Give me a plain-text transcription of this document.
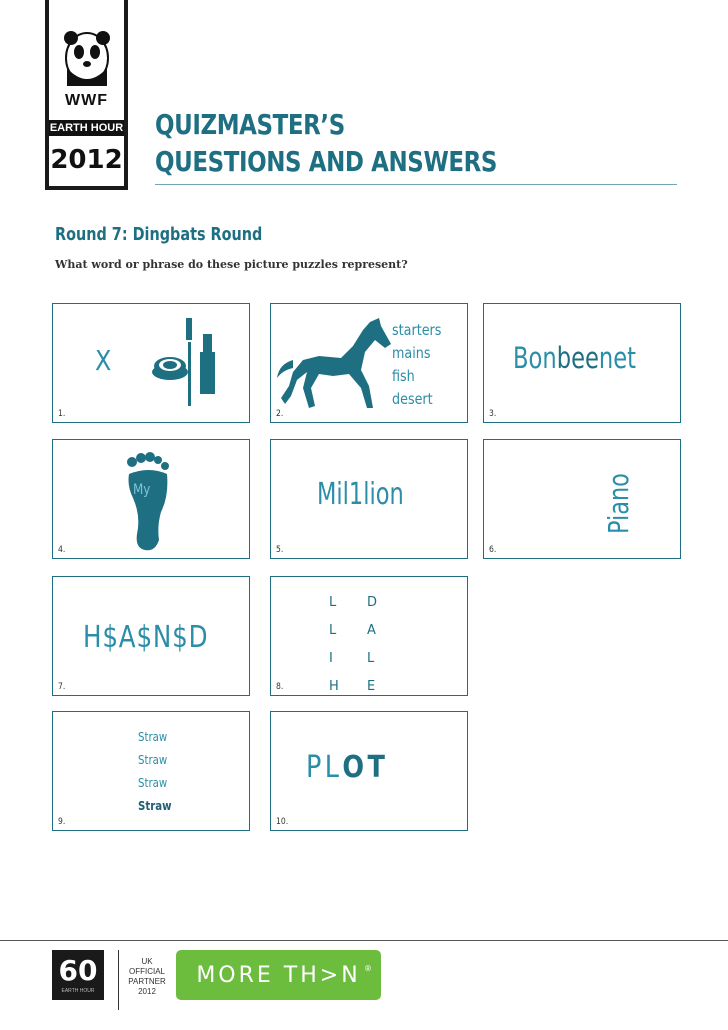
WWF
EARTH HOUR
2012
QUIZMASTER’S
QUESTIONS AND ANSWERS
Round 7: Dingbats Round
What word or phrase do these picture puzzles represent?
X
1.
starters
mains
fish
desert
2.
Bonbeenet
3.
My
4.
Mil1lion
5.
Piano
6.
H$A$N$D
7.
L
L
I
H
D
A
L
E
8.
Straw
Straw
Straw
Straw
9.
PLOT
10.
60
EARTH HOUR
UK
OFFICIAL
PARTNER
2012
MORE TH>N ®
